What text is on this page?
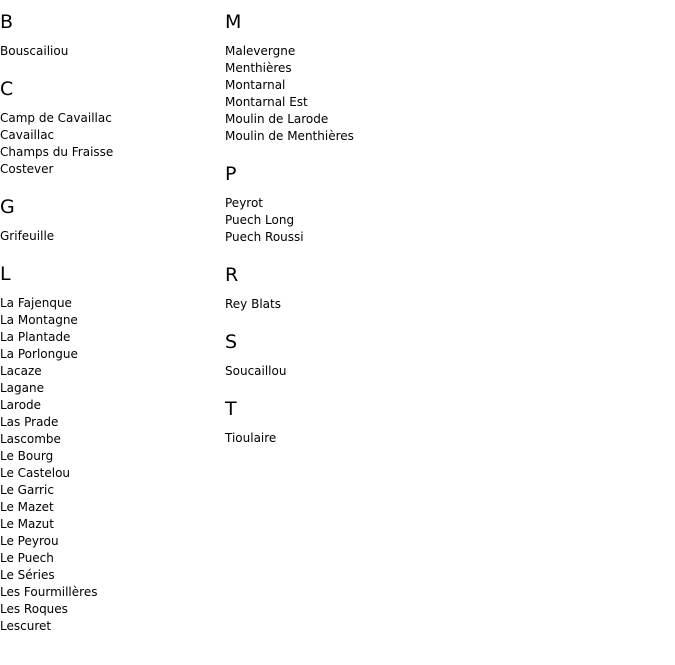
B
Bouscailiou
C
Camp de Cavaillac
Cavaillac
Champs du Fraisse
Costever
G
Grifeuille
L
La Fajenque
La Montagne
La Plantade
La Porlongue
Lacaze
Lagane
Larode
Las Prade
Lascombe
Le Bourg
Le Castelou
Le Garric
Le Mazet
Le Mazut
Le Peyrou
Le Puech
Le Séries
Les Fourmillères
Les Roques
Lescuret
M
Malevergne
Menthières
Montarnal
Montarnal Est
Moulin de Larode
Moulin de Menthières
P
Peyrot
Puech Long
Puech Roussi
R
Rey Blats
S
Soucaillou
T
Tioulaire
